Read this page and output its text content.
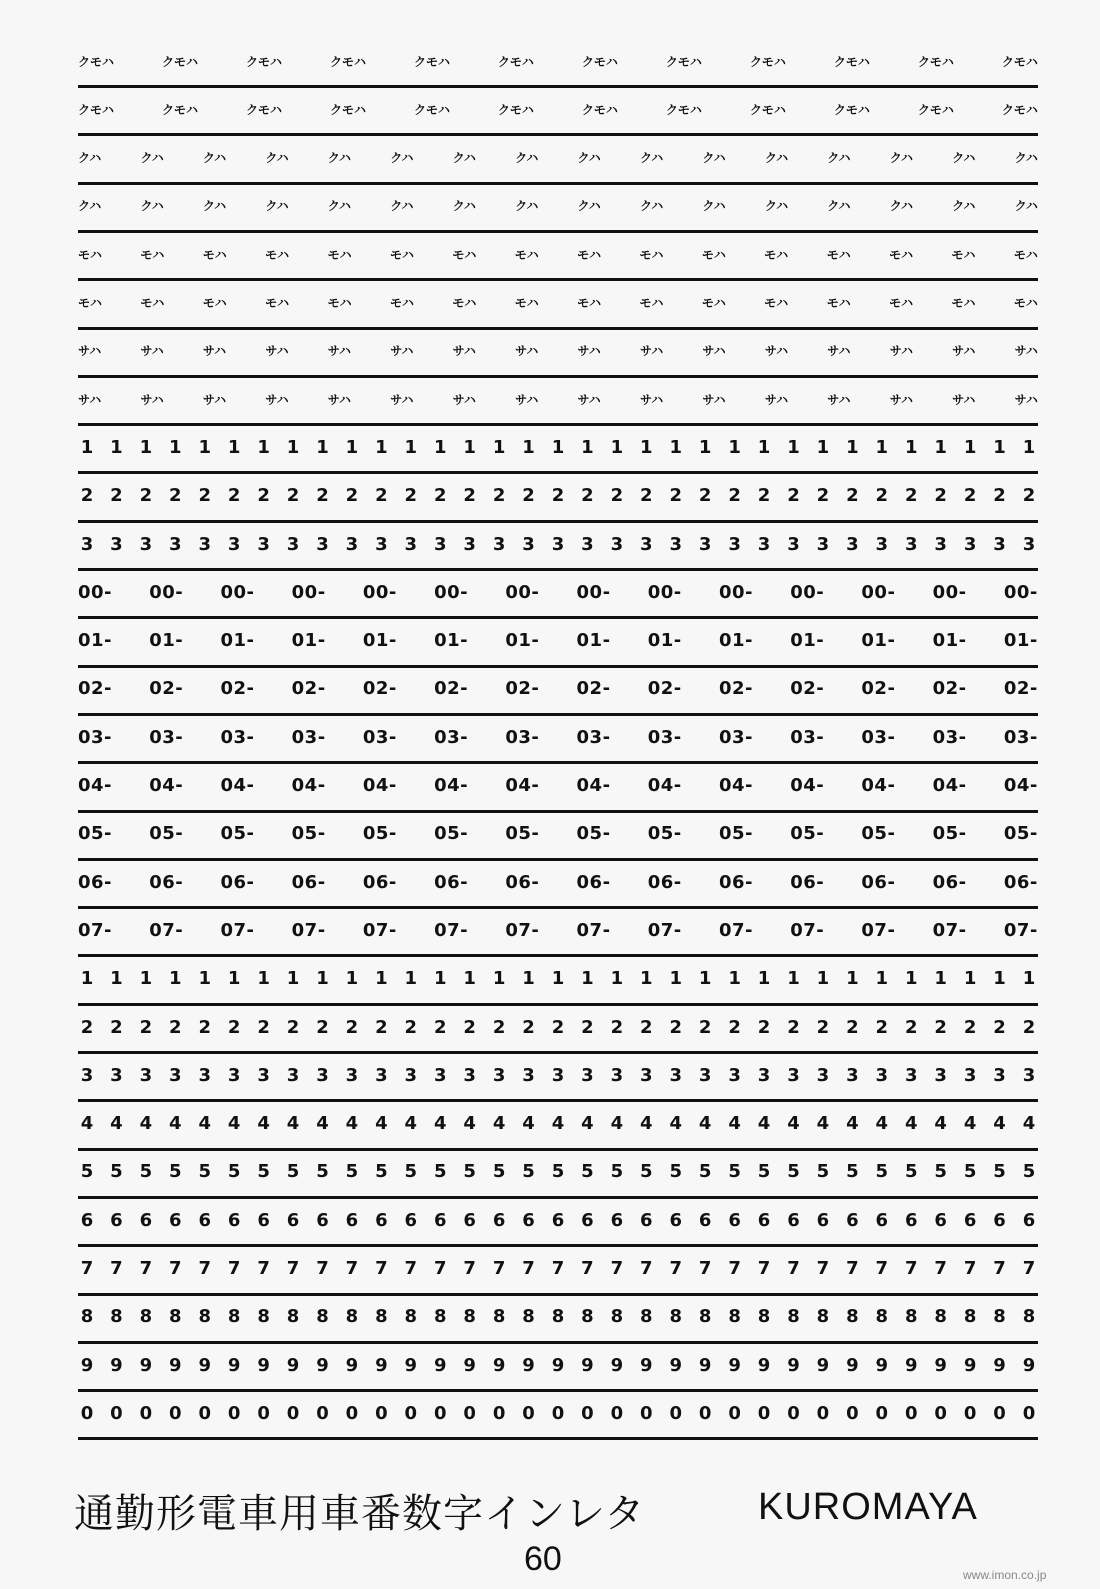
クモハ	クモハ	クモハ	クモハ	クモハ	クモハ	クモハ	クモハ	クモハ	クモハ	クモハ	クモハ
クモハ	クモハ	クモハ	クモハ	クモハ	クモハ	クモハ	クモハ	クモハ	クモハ	クモハ	クモハ
クハ	クハ	クハ	クハ	クハ	クハ	クハ	クハ	クハ	クハ	クハ	クハ	クハ	クハ	クハ	クハ
クハ	クハ	クハ	クハ	クハ	クハ	クハ	クハ	クハ	クハ	クハ	クハ	クハ	クハ	クハ	クハ
モハ	モハ	モハ	モハ	モハ	モハ	モハ	モハ	モハ	モハ	モハ	モハ	モハ	モハ	モハ	モハ
モハ	モハ	モハ	モハ	モハ	モハ	モハ	モハ	モハ	モハ	モハ	モハ	モハ	モハ	モハ	モハ
サハ	サハ	サハ	サハ	サハ	サハ	サハ	サハ	サハ	サハ	サハ	サハ	サハ	サハ	サハ	サハ
サハ	サハ	サハ	サハ	サハ	サハ	サハ	サハ	サハ	サハ	サハ	サハ	サハ	サハ	サハ	サハ
1 1 1 1 1 1 1 1 1 1 1 1 1 1 1 1 1 1 1 1 1 1 1 1 1 1 1 1 1 1 1 1 1
2 2 2 2 2 2 2 2 2 2 2 2 2 2 2 2 2 2 2 2 2 2 2 2 2 2 2 2 2 2 2 2 2
3 3 3 3 3 3 3 3 3 3 3 3 3 3 3 3 3 3 3 3 3 3 3 3 3 3 3 3 3 3 3 3 3
00- 00- 00- 00- 00- 00- 00- 00- 00- 00- 00- 00- 00- 00-
01- 01- 01- 01- 01- 01- 01- 01- 01- 01- 01- 01- 01- 01-
02- 02- 02- 02- 02- 02- 02- 02- 02- 02- 02- 02- 02- 02-
03- 03- 03- 03- 03- 03- 03- 03- 03- 03- 03- 03- 03- 03-
04- 04- 04- 04- 04- 04- 04- 04- 04- 04- 04- 04- 04- 04-
05- 05- 05- 05- 05- 05- 05- 05- 05- 05- 05- 05- 05- 05-
06- 06- 06- 06- 06- 06- 06- 06- 06- 06- 06- 06- 06- 06-
07- 07- 07- 07- 07- 07- 07- 07- 07- 07- 07- 07- 07- 07-
1 1 1 1 1 1 1 1 1 1 1 1 1 1 1 1 1 1 1 1 1 1 1 1 1 1 1 1 1 1 1 1 1
2 2 2 2 2 2 2 2 2 2 2 2 2 2 2 2 2 2 2 2 2 2 2 2 2 2 2 2 2 2 2 2 2
3 3 3 3 3 3 3 3 3 3 3 3 3 3 3 3 3 3 3 3 3 3 3 3 3 3 3 3 3 3 3 3 3
4 4 4 4 4 4 4 4 4 4 4 4 4 4 4 4 4 4 4 4 4 4 4 4 4 4 4 4 4 4 4 4 4
5 5 5 5 5 5 5 5 5 5 5 5 5 5 5 5 5 5 5 5 5 5 5 5 5 5 5 5 5 5 5 5 5
6 6 6 6 6 6 6 6 6 6 6 6 6 6 6 6 6 6 6 6 6 6 6 6 6 6 6 6 6 6 6 6 6
7 7 7 7 7 7 7 7 7 7 7 7 7 7 7 7 7 7 7 7 7 7 7 7 7 7 7 7 7 7 7 7 7
8 8 8 8 8 8 8 8 8 8 8 8 8 8 8 8 8 8 8 8 8 8 8 8 8 8 8 8 8 8 8 8 8
9 9 9 9 9 9 9 9 9 9 9 9 9 9 9 9 9 9 9 9 9 9 9 9 9 9 9 9 9 9 9 9 9
0 0 0 0 0 0 0 0 0 0 0 0 0 0 0 0 0 0 0 0 0 0 0 0 0 0 0 0 0 0 0 0 0
通勤形電車用車番数字インレタ	KUROMAYA
60	www.imon.co.jp
